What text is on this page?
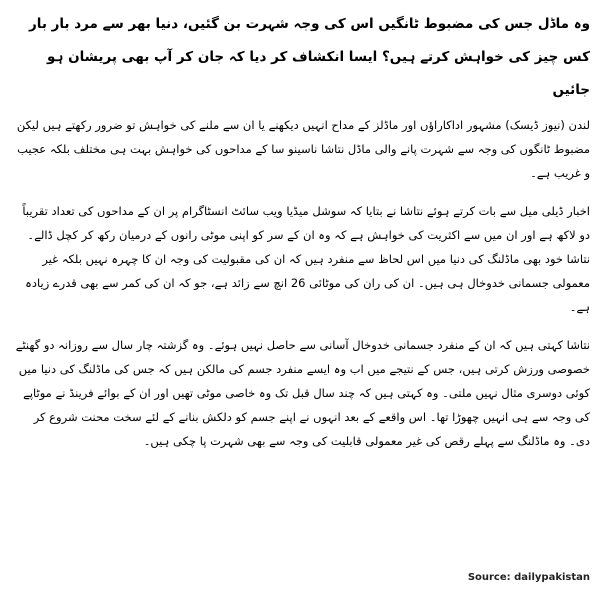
وہ ماڈل جس کی مضبوط ٹانگیں اس کی وجہ شہرت بن گئیں، دنیا بھر سے مرد بار بار کس چیز کی خواہش کرتے ہیں؟ ایسا انکشاف کر دیا کہ جان کر آپ بھی پریشان ہو جائیں

لندن (نیوز ڈیسک) مشہور اداکاراؤں اور ماڈلز کے مداح انہیں دیکھنے یا ان سے ملنے کی خواہش تو ضرور رکھتے ہیں لیکن مضبوط ٹانگوں کی وجہ سے شہرت پانے والی ماڈل نتاشا ناسینو سا کے مداحوں کی خواہش بہت ہی مختلف بلکہ عجیب و غریب ہے۔

اخبار ڈیلی میل سے بات کرتے ہوئے نتاشا نے بتایا کہ سوشل میڈیا ویب سائٹ انسٹاگرام پر ان کے مداحوں کی تعداد تقریباً دو لاکھ ہے اور ان میں سے اکثریت کی خواہش ہے کہ وہ ان کے سر کو اپنی موٹی رانوں کے درمیان رکھ کر کچل ڈالے۔ نتاشا خود بھی ماڈلنگ کی دنیا میں اس لحاظ سے منفرد ہیں کہ ان کی مقبولیت کی وجہ ان کا چہرہ نہیں بلکہ غیر معمولی جسمانی خدوخال ہی ہیں۔ ان کی ران کی موٹائی 26 انچ سے زائد ہے، جو کہ ان کی کمر سے بھی قدرے زیادہ ہے۔

نتاشا کہتی ہیں کہ ان کے منفرد جسمانی خدوخال آسانی سے حاصل نہیں ہوئے۔ وہ گزشتہ چار سال سے روزانہ دو گھنٹے خصوصی ورزش کرتی ہیں، جس کے نتیجے میں اب وہ ایسے منفرد جسم کی مالکن ہیں کہ جس کی ماڈلنگ کی دنیا میں کوئی دوسری مثال نہیں ملتی۔ وہ کہتی ہیں کہ چند سال قبل تک وہ خاصی موٹی تھیں اور ان کے بوائے فرینڈ نے موٹاپے کی وجہ سے ہی انہیں چھوڑا تھا۔ اس واقعے کے بعد انہوں نے اپنے جسم کو دلکش بنانے کے لئے سخت محنت شروع کر دی۔ وہ ماڈلنگ سے پہلے رقص کی غیر معمولی قابلیت کی وجہ سے بھی شہرت پا چکی ہیں۔

Source: dailypakistan
